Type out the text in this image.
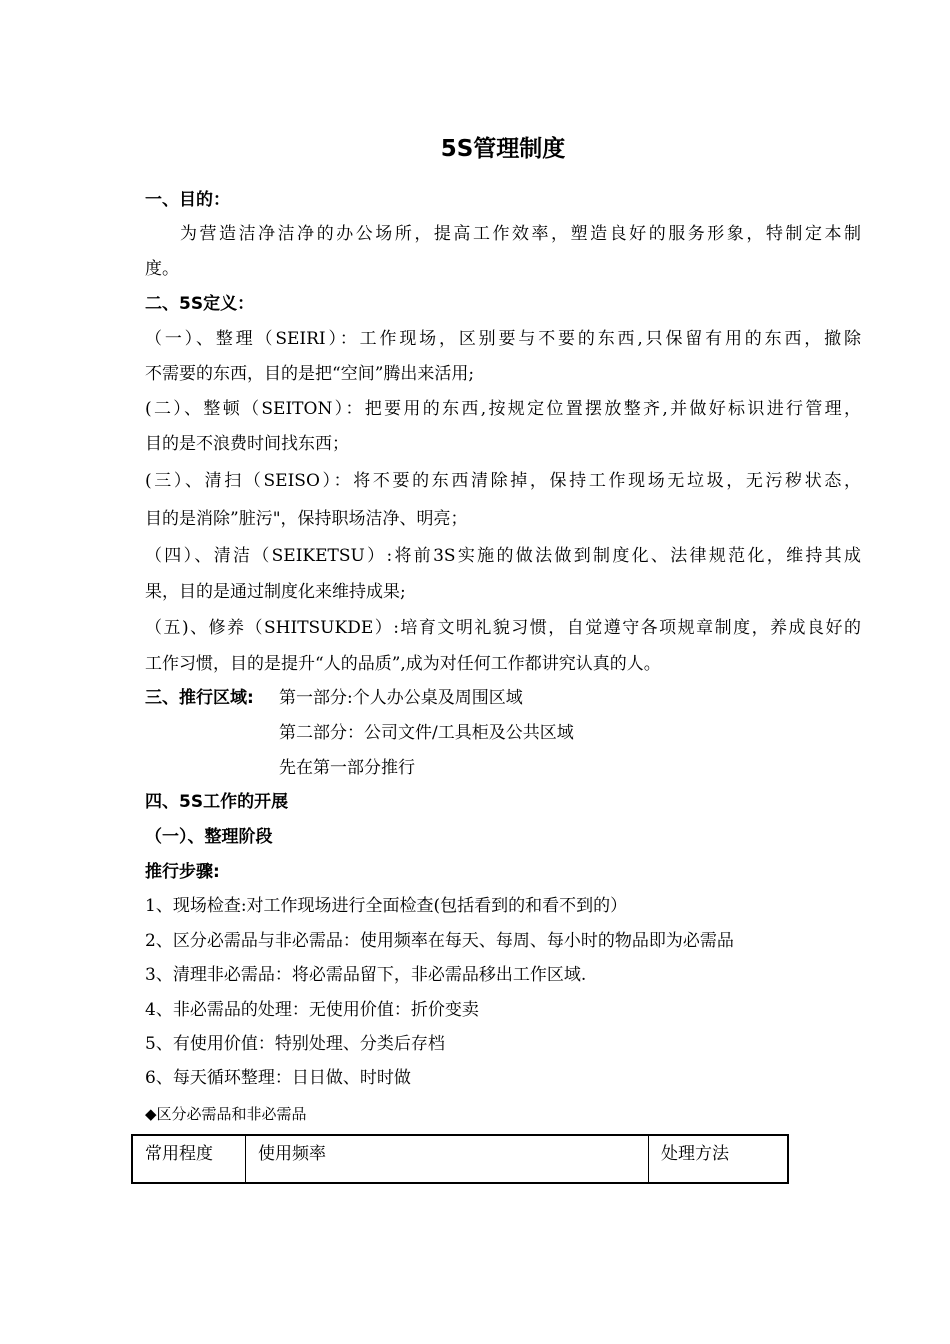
5S管理制度
一、目的：
为营造洁净洁净的办公场所，提高工作效率，塑造良好的服务形象，特制定本制
度。
二、5S定义：
（一）、整理（SEIRI）：工作现场，区别要与不要的东西,只保留有用的东西，撤除
不需要的东西，目的是把“空间”腾出来活用;
(二）、整顿（SEITON）：把要用的东西,按规定位置摆放整齐,并做好标识进行管理，
目的是不浪费时间找东西；
(三）、清扫（SEISO）：将不要的东西清除掉，保持工作现场无垃圾，无污秽状态，
目的是消除”脏污"，保持职场洁净、明亮；
（四）、清洁（SEIKETSU）:将前3S实施的做法做到制度化、法律规范化，维持其成
果，目的是通过制度化来维持成果;
（五)、修养（SHITSUKDE）:培育文明礼貌习惯，自觉遵守各项规章制度，养成良好的
工作习惯，目的是提升“人的品质”,成为对任何工作都讲究认真的人。
三、推行区域: 第一部分:个人办公桌及周围区域
第二部分：公司文件/工具柜及公共区域
先在第一部分推行
四、5S工作的开展
（一）、整理阶段
推行步骤:
1、现场检查:对工作现场进行全面检查(包括看到的和看不到的）
2、区分必需品与非必需品：使用频率在每天、每周、每小时的物品即为必需品
3、清理非必需品：将必需品留下，非必需品移出工作区域.
4、非必需品的处理：无使用价值：折价变卖
5、有使用价值：特别处理、分类后存档
6、每天循环整理：日日做、时时做
◆区分必需品和非必需品
常用程度	使用频率	处理方法
